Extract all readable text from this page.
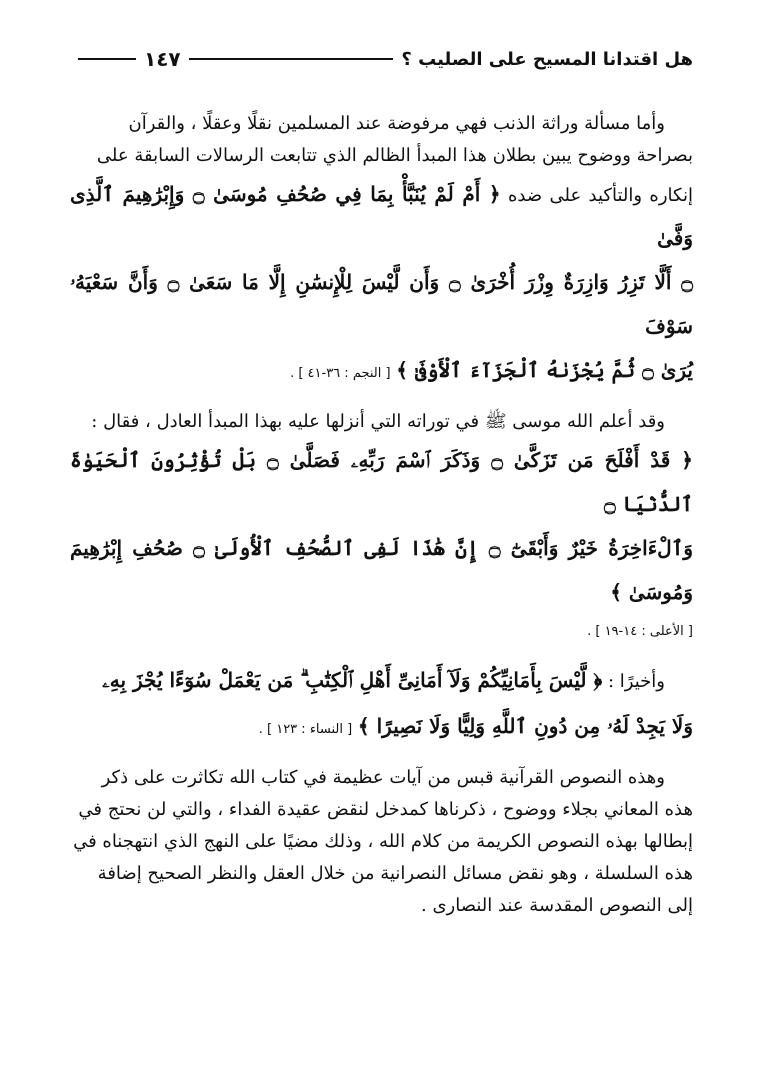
هل اقتدانا المسيح على الصليب ؟
١٤٧
وأما مسألة وراثة الذنب فهي مرفوضة عند المسلمين نقلًا وعقلًا ، والقرآن
بصراحة ووضوح يبين بطلان هذا المبدأ الظالم الذي تتابعت الرسالات السابقة على
إنكاره والتأكيد على ضده ﴿ أَمْ لَمْ يُنَبَّأْ بِمَا فِي صُحُفِ مُوسَىٰ ۝ وَإِبْرَٰهِيمَ ٱلَّذِى وَفَّىٰ
۝ أَلَّا تَزِرُ وَازِرَةٌ وِزْرَ أُخْرَىٰ ۝ وَأَن لَّيْسَ لِلْإِنسَٰنِ إِلَّا مَا سَعَىٰ ۝ وَأَنَّ سَعْيَهُۥ سَوْفَ
يُرَىٰ ۝ ثُمَّ يُجْزَىٰهُ ٱلْجَزَآءَ ٱلْأَوْفَىٰ ﴾ [ النجم : ٣٦-٤١ ] .
وقد أعلم الله موسى ﷺ في توراته التي أنزلها عليه بهذا المبدأ العادل ، فقال :
﴿ قَدْ أَفْلَحَ مَن تَزَكَّىٰ ۝ وَذَكَرَ ٱسْمَ رَبِّهِۦ فَصَلَّىٰ ۝ بَلْ تُؤْثِرُونَ ٱلْحَيَوٰةَ ٱلدُّنْيَا ۝
وَٱلْءَاخِرَةُ خَيْرٌ وَأَبْقَىٰٓ ۝ إِنَّ هَٰذَا لَفِى ٱلصُّحُفِ ٱلْأُولَىٰ ۝ صُحُفِ إِبْرَٰهِيمَ وَمُوسَىٰ ﴾
[ الأعلى : ١٤-١٩ ] .
وأخيرًا : ﴿ لَّيْسَ بِأَمَانِيِّكُمْ وَلَآ أَمَانِىِّ أَهْلِ ٱلْكِتَٰبِ ۗ مَن يَعْمَلْ سُوٓءًا يُجْزَ بِهِۦ
وَلَا يَجِدْ لَهُۥ مِن دُونِ ٱللَّهِ وَلِيًّا وَلَا نَصِيرًا ﴾ [ النساء : ١٢٣ ] .
وهذه النصوص القرآنية قبس من آيات عظيمة في كتاب الله تكاثرت على ذكر
هذه المعاني بجلاء ووضوح ، ذكرناها كمدخل لنقض عقيدة الفداء ، والتي لن نحتج في
إبطالها بهذه النصوص الكريمة من كلام الله ، وذلك مضيًا على النهج الذي انتهجناه في
هذه السلسلة ، وهو نقض مسائل النصرانية من خلال العقل والنظر الصحيح إضافة
إلى النصوص المقدسة عند النصارى .
